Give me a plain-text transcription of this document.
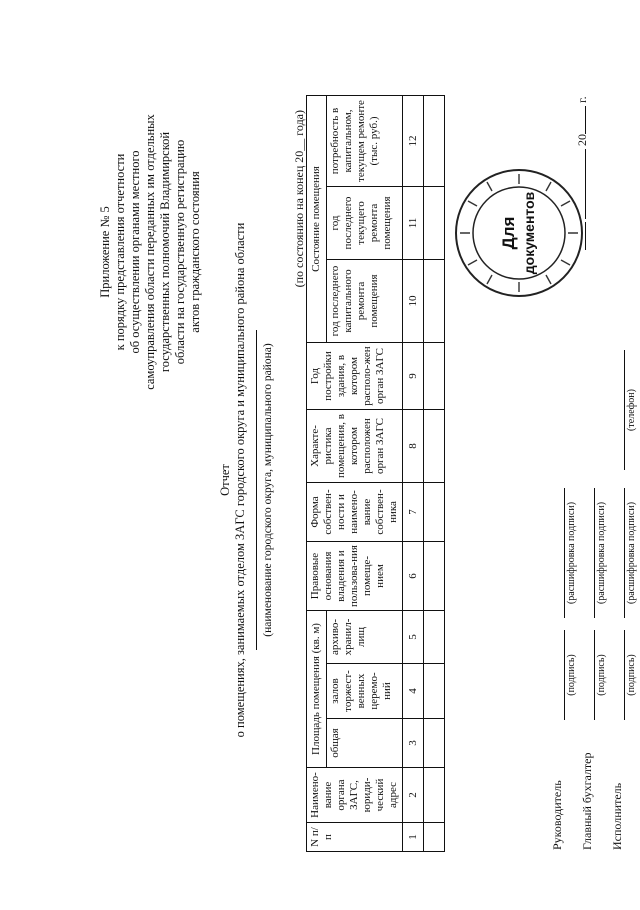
Приложение № 5 к порядку представления отчетности об осуществлении органами местного самоуправления области переданных им отдельных государственных полномочий Владимирской области на государственную регистрацию актов гражданского состояния
Отчет о помещениях, занимаемых отделом ЗАГС городского округа и муниципального района области (наименование городского округа, муниципального района)
(по состоянию на конец 20__ года)
N п/п	Наимено-вание органа ЗАГС, юриди-ческий адрес	Площадь помещения (кв. м)			Правовые основания владения и пользова-ния помеще-нием	Форма собствен-ности и наимено-вание собствен-ника	Характе-ристика помещения, в котором расположен орган ЗАГС	Год постройки здания, в котором располо-жен орган ЗАГС	Состояние помещения		
		общая	залов торжест-венных церемо-ний	архиво-хранил-лищ					год последнего капитального ремонта помещения	год последнего текущего ремонта помещения	потребность в капитальном, текущем ремонте (тыс. руб.)
1	2	3	4	5	6	7	8	9	10	11	12

Руководитель
(подпись)
(расшифровка подписи)
Главный бухгалтер
(подпись)
(расшифровка подписи)
Исполнитель
(подпись)
(расшифровка подписи)
(телефон)
20 г.
Для документов
